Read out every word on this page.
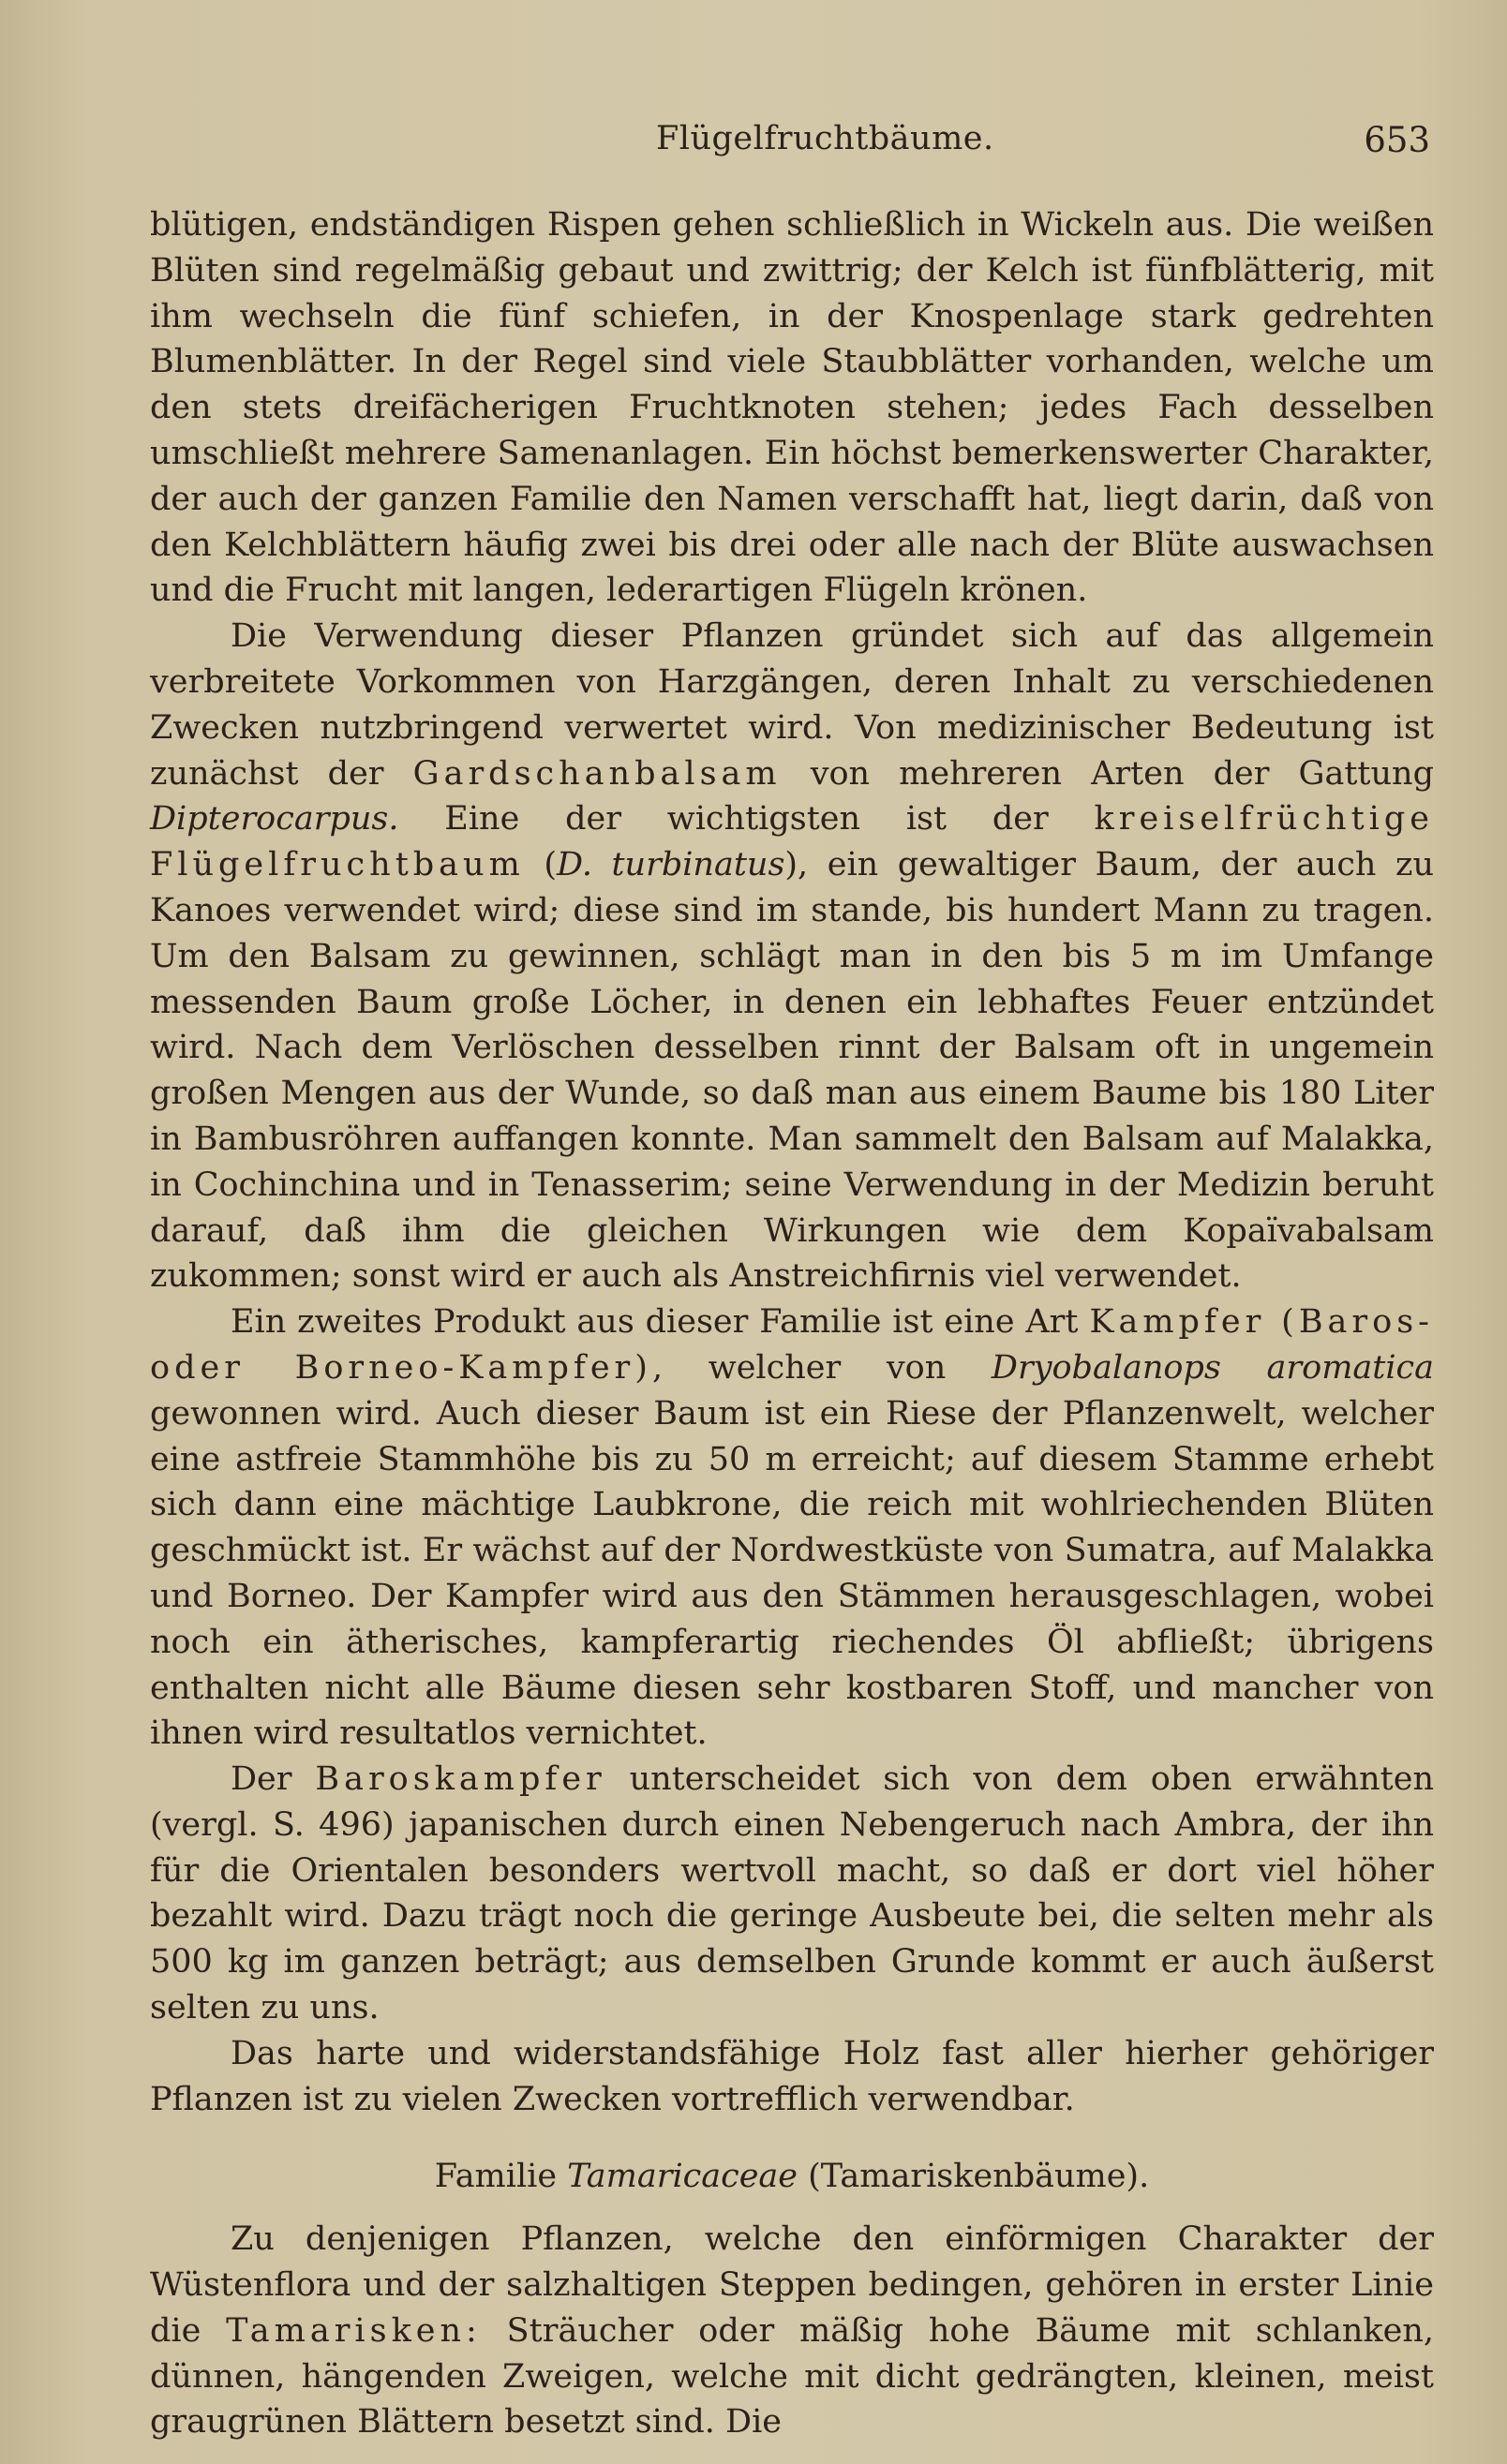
Flügelfruchtbäume.	653

blütigen, endständigen Rispen gehen schließlich in Wickeln aus. Die weißen Blüten sind regelmäßig gebaut und zwittrig; der Kelch ist fünfblätterig, mit ihm wechseln die fünf schiefen, in der Knospenlage stark gedrehten Blumenblätter. In der Regel sind viele Staubblätter vorhanden, welche um den stets dreifächerigen Fruchtknoten stehen; jedes Fach desselben umschließt mehrere Samenanlagen. Ein höchst bemerkenswerter Charakter, der auch der ganzen Familie den Namen verschafft hat, liegt darin, daß von den Kelchblättern häufig zwei bis drei oder alle nach der Blüte auswachsen und die Frucht mit langen, lederartigen Flügeln krönen.

Die Verwendung dieser Pflanzen gründet sich auf das allgemein verbreitete Vorkommen von Harzgängen, deren Inhalt zu verschiedenen Zwecken nutzbringend verwertet wird. Von medizinischer Bedeutung ist zunächst der Gardschanbalsam von mehreren Arten der Gattung Dipterocarpus. Eine der wichtigsten ist der kreiselfrüchtige Flügelfruchtbaum (D. turbinatus), ein gewaltiger Baum, der auch zu Kanoes verwendet wird; diese sind im stande, bis hundert Mann zu tragen. Um den Balsam zu gewinnen, schlägt man in den bis 5 m im Umfange messenden Baum große Löcher, in denen ein lebhaftes Feuer entzündet wird. Nach dem Verlöschen desselben rinnt der Balsam oft in ungemein großen Mengen aus der Wunde, so daß man aus einem Baume bis 180 Liter in Bambusröhren auffangen konnte. Man sammelt den Balsam auf Malakka, in Cochinchina und in Tenasserim; seine Verwendung in der Medizin beruht darauf, daß ihm die gleichen Wirkungen wie dem Kopaïvabalsam zukommen; sonst wird er auch als Anstreichfirnis viel verwendet.

Ein zweites Produkt aus dieser Familie ist eine Art Kampfer (Baros- oder Borneo-Kampfer), welcher von Dryobalanops aromatica gewonnen wird. Auch dieser Baum ist ein Riese der Pflanzenwelt, welcher eine astfreie Stammhöhe bis zu 50 m erreicht; auf diesem Stamme erhebt sich dann eine mächtige Laubkrone, die reich mit wohlriechenden Blüten geschmückt ist. Er wächst auf der Nordwestküste von Sumatra, auf Malakka und Borneo. Der Kampfer wird aus den Stämmen herausgeschlagen, wobei noch ein ätherisches, kampferartig riechendes Öl abfließt; übrigens enthalten nicht alle Bäume diesen sehr kostbaren Stoff, und mancher von ihnen wird resultatlos vernichtet.

Der Baroskampfer unterscheidet sich von dem oben erwähnten (vergl. S. 496) japanischen durch einen Nebengeruch nach Ambra, der ihn für die Orientalen besonders wertvoll macht, so daß er dort viel höher bezahlt wird. Dazu trägt noch die geringe Ausbeute bei, die selten mehr als 500 kg im ganzen beträgt; aus demselben Grunde kommt er auch äußerst selten zu uns.

Das harte und widerstandsfähige Holz fast aller hierher gehöriger Pflanzen ist zu vielen Zwecken vortrefflich verwendbar.

Familie Tamaricaceae (Tamariskenbäume).

Zu denjenigen Pflanzen, welche den einförmigen Charakter der Wüstenflora und der salzhaltigen Steppen bedingen, gehören in erster Linie die Tamarisken: Sträucher oder mäßig hohe Bäume mit schlanken, dünnen, hängenden Zweigen, welche mit dicht gedrängten, kleinen, meist graugrünen Blättern besetzt sind. Die
